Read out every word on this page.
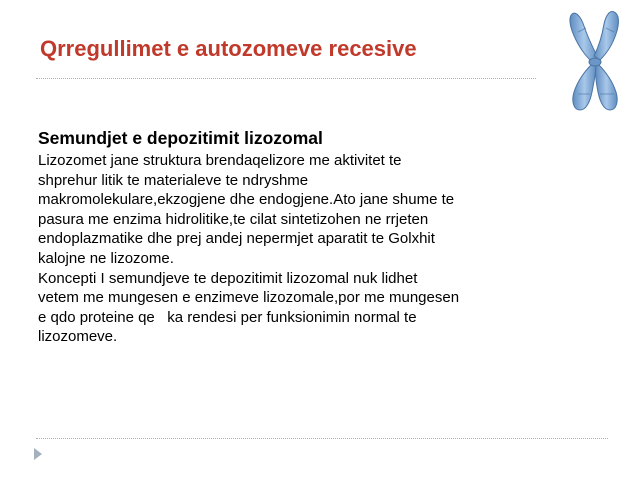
Qrregullimet e autozomeve recesive
Semundjet e depozitimit lizozomal

Lizozomet jane struktura brendaqelizore me aktivitet te
shprehur litik te materialeve te ndryshme
makromolekulare,ekzogjene dhe endogjene.Ato jane shume te
pasura me enzima hidrolitike,te cilat sintetizohen ne rrjeten
endoplazmatike dhe prej andej nepermjet aparatit te Golxhit
kalojne ne lizozome.

Koncepti I semundjeve te depozitimit lizozomal nuk lidhet
vetem me mungesen e enzimeve lizozomale,por me mungesen
e qdo proteine qe   ka rendesi per funksionimin normal te
lizozomeve.
